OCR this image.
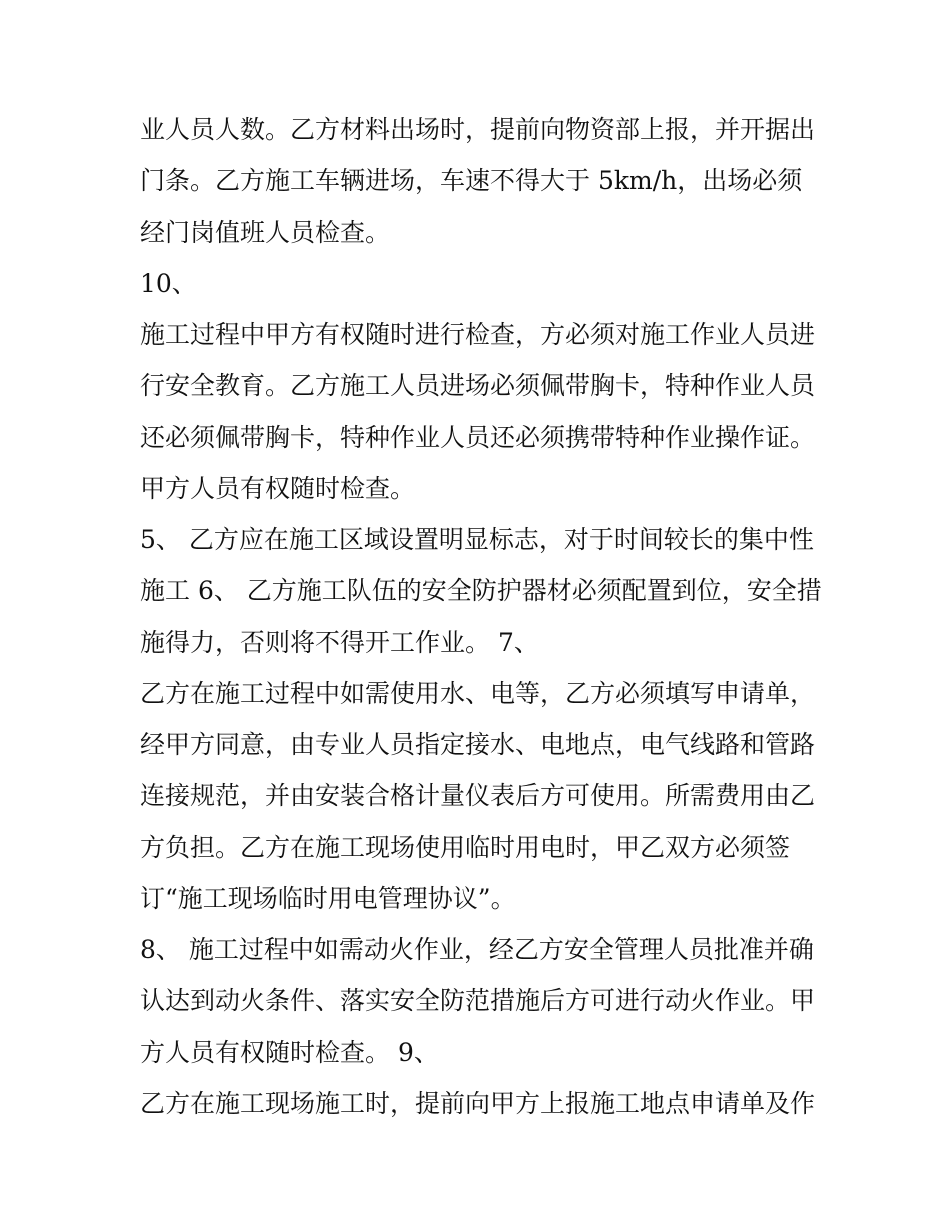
业人员人数。乙方材料出场时，提前向物资部上报，并开据出
门条。乙方施工车辆进场，车速不得大于 5km/h，出场必须
经门岗值班人员检查。
10、
施工过程中甲方有权随时进行检查，方必须对施工作业人员进
行安全教育。乙方施工人员进场必须佩带胸卡，特种作业人员
还必须佩带胸卡，特种作业人员还必须携带特种作业操作证。
甲方人员有权随时检查。
5、 乙方应在施工区域设置明显标志，对于时间较长的集中性
施工 6、 乙方施工队伍的安全防护器材必须配置到位，安全措
施得力，否则将不得开工作业。 7、
乙方在施工过程中如需使用水、电等，乙方必须填写申请单，
经甲方同意，由专业人员指定接水、电地点，电气线路和管路
连接规范，并由安装合格计量仪表后方可使用。所需费用由乙
方负担。乙方在施工现场使用临时用电时，甲乙双方必须签
订“施工现场临时用电管理协议”。
8、 施工过程中如需动火作业，经乙方安全管理人员批准并确
认达到动火条件、落实安全防范措施后方可进行动火作业。甲
方人员有权随时检查。 9、
乙方在施工现场施工时，提前向甲方上报施工地点申请单及作
